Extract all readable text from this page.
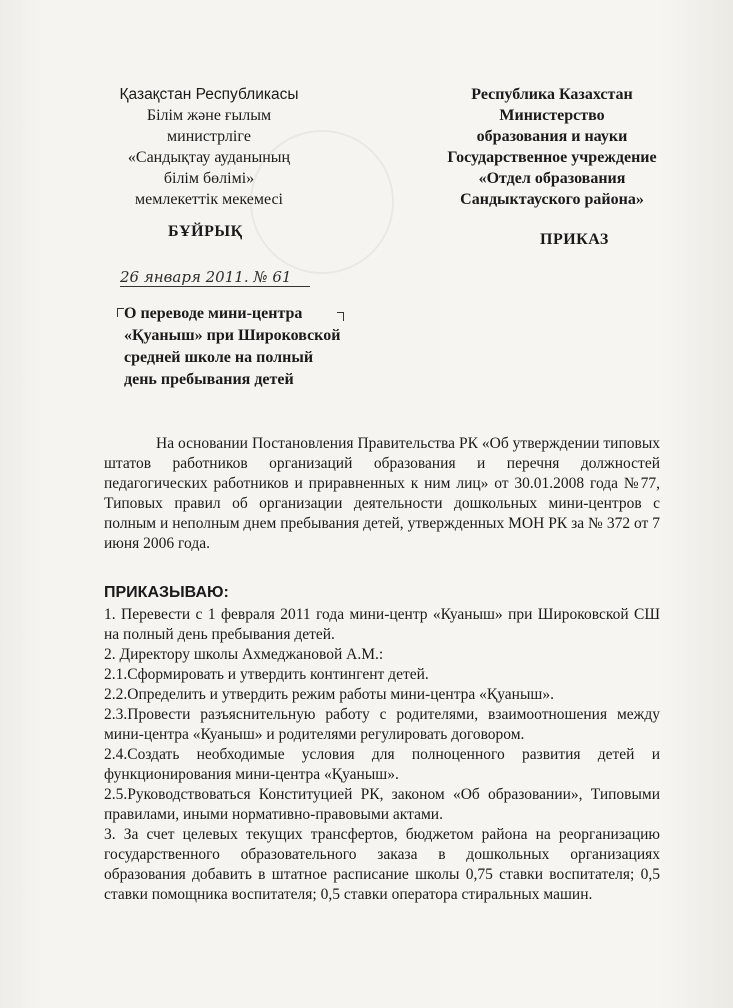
Қазақстан Республикасы
Білім және ғылым
министрлiгe
«Сандықтау ауданының
білім бөлімі»
мемлекеттік мекемесі
Республика Казахстан
Министерство
образования и науки
Государственное учреждение
«Отдел образования
Сандыктауского района»
БҰЙРЫҚ	ПРИКАЗ
26 января 2011. № 61
О переводе мини-центра
«Қуаныш» при Широковской
средней школе на полный
день пребывания детей
На основании Постановления Правительства РК «Об утверждении типовых штатов работников организаций образования и перечня должностей педагогических работников и приравненных к ним лиц» от 30.01.2008 года №77, Типовых правил об организации деятельности дошкольных мини-центров с полным и неполным днем пребывания детей, утвержденных МОН РК за № 372 от 7 июня 2006 года.
ПРИКАЗЫВАЮ:

1. Перевести с 1 февраля 2011 года мини-центр «Куаныш» при Широковской СШ на полный день пребывания детей.

2. Директору школы Ахмеджановой А.М.:

2.1.Сформировать и утвердить контингент детей.

2.2.Определить и утвердить режим работы мини-центра «Қуаныш».

2.3.Провести разъяснительную работу с родителями, взаимоотношения между мини-центра «Куаныш» и родителями регулировать договором.

2.4.Создать необходимые условия для полноценного развития детей и функционирования мини-центра «Қуаныш».

2.5.Руководствоваться Конституцией РК, законом «Об образовании», Типовыми правилами, иными нормативно-правовыми актами.

3. За счет целевых текущих трансфертов, бюджетом района на реорганизацию государственного образовательного заказа в дошкольных организациях образования добавить в штатное расписание школы 0,75 ставки воспитателя; 0,5 ставки помощника воспитателя; 0,5 ставки оператора стиральных машин.
